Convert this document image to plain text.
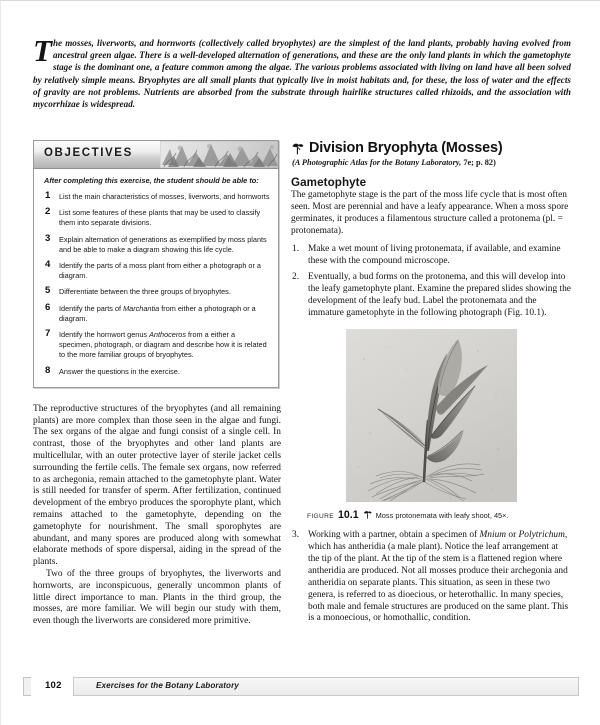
The mosses, liverworts, and hornworts (collectively called bryophytes) are the simplest of the land plants, probably having evolved from ancestral green algae. There is a well-developed alternation of generations, and these are the only land plants in which the gametophyte stage is the dominant one, a feature common among the algae. The various problems associated with living on land have all been solved by relatively simple means. Bryophytes are all small plants that typically live in moist habitats and, for these, the loss of water and the effects of gravity are not problems. Nutrients are absorbed from the substrate through hairlike structures called rhizoids, and the association with mycorrhizae is widespread.

OBJECTIVES

After completing this exercise, the student should be able to:

1 List the main characteristics of mosses, liverworts, and hornworts
2 List some features of these plants that may be used to classify them into separate divisions.
3 Explain alternation of generations as exemplified by moss plants and be able to make a diagram showing this life cycle.
4 Identify the parts of a moss plant from either a photograph or a diagram.
5 Differentiate between the three groups of bryophytes.
6 Identify the parts of Marchantia from either a photograph or a diagram.
7 Identify the hornwort genus Anthoceros from a either a specimen, photograph, or diagram and describe how it is related to the more familiar groups of bryophytes.
8 Answer the questions in the exercise.

The reproductive structures of the bryophytes (and all remaining plants) are more complex than those seen in the algae and fungi. The sex organs of the algae and fungi consist of a single cell. In contrast, those of the bryophytes and other land plants are multicellular, with an outer protective layer of sterile jacket cells surrounding the fertile cells. The female sex organs, now referred to as archegonia, remain attached to the gametophyte plant. Water is still needed for transfer of sperm. After fertilization, continued development of the embryo produces the sporophyte plant, which remains attached to the gametophyte, depending on the gametophyte for nourishment. The small sporophytes are abundant, and many spores are produced along with somewhat elaborate methods of spore dispersal, aiding in the spread of the plants.

Two of the three groups of bryophytes, the liverworts and hornworts, are inconspicuous, generally uncommon plants of little direct importance to man. Plants in the third group, the mosses, are more familiar. We will begin our study with them, even though the liverworts are considered more primitive.

Division Bryophyta (Mosses)

(A Photographic Atlas for the Botany Laboratory, 7e; p. 82)

Gametophyte

The gametophyte stage is the part of the moss life cycle that is most often seen. Most are perennial and have a leafy appearance. When a moss spore germinates, it produces a filamentous structure called a protonema (pl. = protonemata).

1. Make a wet mount of living protonemata, if available, and examine these with the compound microscope.
2. Eventually, a bud forms on the protonema, and this will develop into the leafy gametophyte plant. Examine the prepared slides showing the development of the leafy bud. Label the protonemata and the immature gametophyte in the following photograph (Fig. 10.1).
FIGURE 10.1 Moss protonemata with leafy shoot, 45×.
3. Working with a partner, obtain a specimen of Mnium or Polytrichum, which has antheridia (a male plant). Notice the leaf arrangement at the tip of the plant. At the tip of the stem is a flattened region where antheridia are produced. Not all mosses produce their archegonia and antheridia on separate plants. This situation, as seen in these two genera, is referred to as dioecious, or heterothallic. In many species, both male and female structures are produced on the same plant. This is a monoecious, or homothallic, condition.
102	Exercises for the Botany Laboratory
